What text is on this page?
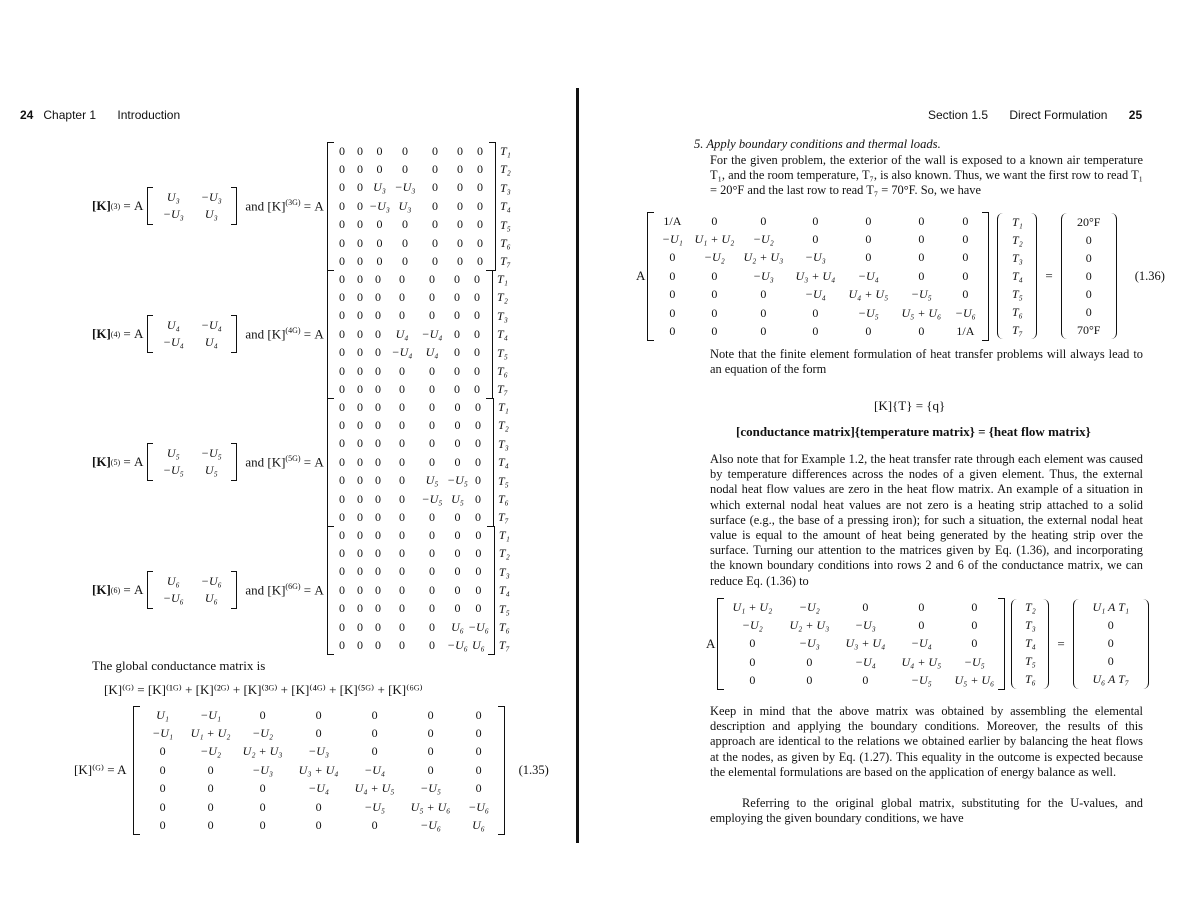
24 Chapter 1 Introduction	Section 1.5 Direct Formulation 25
[K] (3) = A
U₃	−U₃
−U₃	U₃
and $[K]^{(3G)} = A$
0	0	0	0	0	0	0
0	0	0	0	0	0	0
0	0	U₃	−U₃	0	0	0
0	0	−U₃	U₃	0	0	0
0	0	0	0	0	0	0
0	0	0	0	0	0	0
0	0	0	0	0	0	0
T₁
T₂
T₃
T₄
T₅
T₆
T₇
[K] (4) = A
U₄	−U₄
−U₄	U₄
and $[K]^{(4G)} = A$
0	0	0	0	0	0	0
0	0	0	0	0	0	0
0	0	0	0	0	0	0
0	0	0	U₄	−U₄	0	0
0	0	0	−U₄	U₄	0	0
0	0	0	0	0	0	0
0	0	0	0	0	0	0
T₁
T₂
T₃
T₄
T₅
T₆
T₇
[K] (5) = A
U₅	−U₅
−U₅	U₅
and $[K]^{(5G)} = A$
0	0	0	0	0	0	0
0	0	0	0	0	0	0
0	0	0	0	0	0	0
0	0	0	0	0	0	0
0	0	0	0	U₅	−U₅	0
0	0	0	0	−U₅	U₅	0
0	0	0	0	0	0	0
T₁
T₂
T₃
T₄
T₅
T₆
T₇
[K] (6) = A
U₆	−U₆
−U₆	U₆
and $[K]^{(6G)} = A$
0	0	0	0	0	0	0
0	0	0	0	0	0	0
0	0	0	0	0	0	0
0	0	0	0	0	0	0
0	0	0	0	0	0	0
0	0	0	0	0	U₆	−U₆
0	0	0	0	0	−U₆	U₆
T₁
T₂
T₃
T₄
T₅
T₆
T₇
The global conductance matrix is
[K]⁽ᴳ⁾ = [K]⁽¹ᴳ⁾ + [K]⁽²ᴳ⁾ + [K]⁽³ᴳ⁾ + [K]⁽⁴ᴳ⁾ + [K]⁽⁵ᴳ⁾ + [K]⁽⁶ᴳ⁾
[K]⁽ᴳ⁾ = A
U₁	−U₁	0	0	0	0	0
−U₁	U₁ + U₂	−U₂	0	0	0	0
0	−U₂	U₂ + U₃	−U₃	0	0	0
0	0	−U₃	U₃ + U₄	−U₄	0	0
0	0	0	−U₄	U₄ + U₅	−U₅	0
0	0	0	0	−U₅	U₅ + U₆	−U₆
0	0	0	0	0	−U₆	U₆
(1.35)
5. Apply boundary conditions and thermal loads.

For the given problem, the exterior of the wall is exposed to a known air temperature T₁, and the room temperature, T₇, is also known. Thus, we want the first row to read T₁ = 20°F and the last row to read T₇ = 70°F. So, we have

A
1/A	0	0	0	0	0	0
−U₁	U₁ + U₂	−U₂	0	0	0	0
0	−U₂	U₂ + U₃	−U₃	0	0	0
0	0	−U₃	U₃ + U₄	−U₄	0	0
0	0	0	−U₄	U₄ + U₅	−U₅	0
0	0	0	0	−U₅	U₅ + U₆	−U₆
0	0	0	0	0	0	1/A
T₁
T₂
T₃
T₄
T₅
T₆
T₇
=
20°F
0
0
0
0
0
70°F
(1.36)

Note that the finite element formulation of heat transfer problems will always lead to an equation of the form

[K]{T} = {q}
[conductance matrix]{temperature matrix} = {heat flow matrix}

Also note that for Example 1.2, the heat transfer rate through each element was caused by temperature differences across the nodes of a given element. Thus, the external nodal heat flow values are zero in the heat flow matrix. An example of a situation in which external nodal heat values are not zero is a heating strip attached to a solid surface (e.g., the base of a pressing iron); for such a situation, the external nodal heat value is equal to the amount of heat being generated by the heating strip over the surface. Turning our attention to the matrices given by Eq. (1.36), and incorporating the known boundary conditions into rows 2 and 6 of the conductance matrix, we can reduce Eq. (1.36) to

A
U₁ + U₂	−U₂	0	0	0
−U₂	U₂ + U₃	−U₃	0	0
0	−U₃	U₃ + U₄	−U₄	0
0	0	−U₄	U₄ + U₅	−U₅
0	0	0	−U₅	U₅ + U₆
T₂
T₃
T₄
T₅
T₆
=
U₁ A T₁
0
0
0
U₆ A T₇

Keep in mind that the above matrix was obtained by assembling the elemental description and applying the boundary conditions. Moreover, the results of this approach are identical to the relations we obtained earlier by balancing the heat flows at the nodes, as given by Eq. (1.27). This equality in the outcome is expected because the elemental formulations are based on the application of energy balance as well.

Referring to the original global matrix, substituting for the U-values, and employing the given boundary conditions, we have
